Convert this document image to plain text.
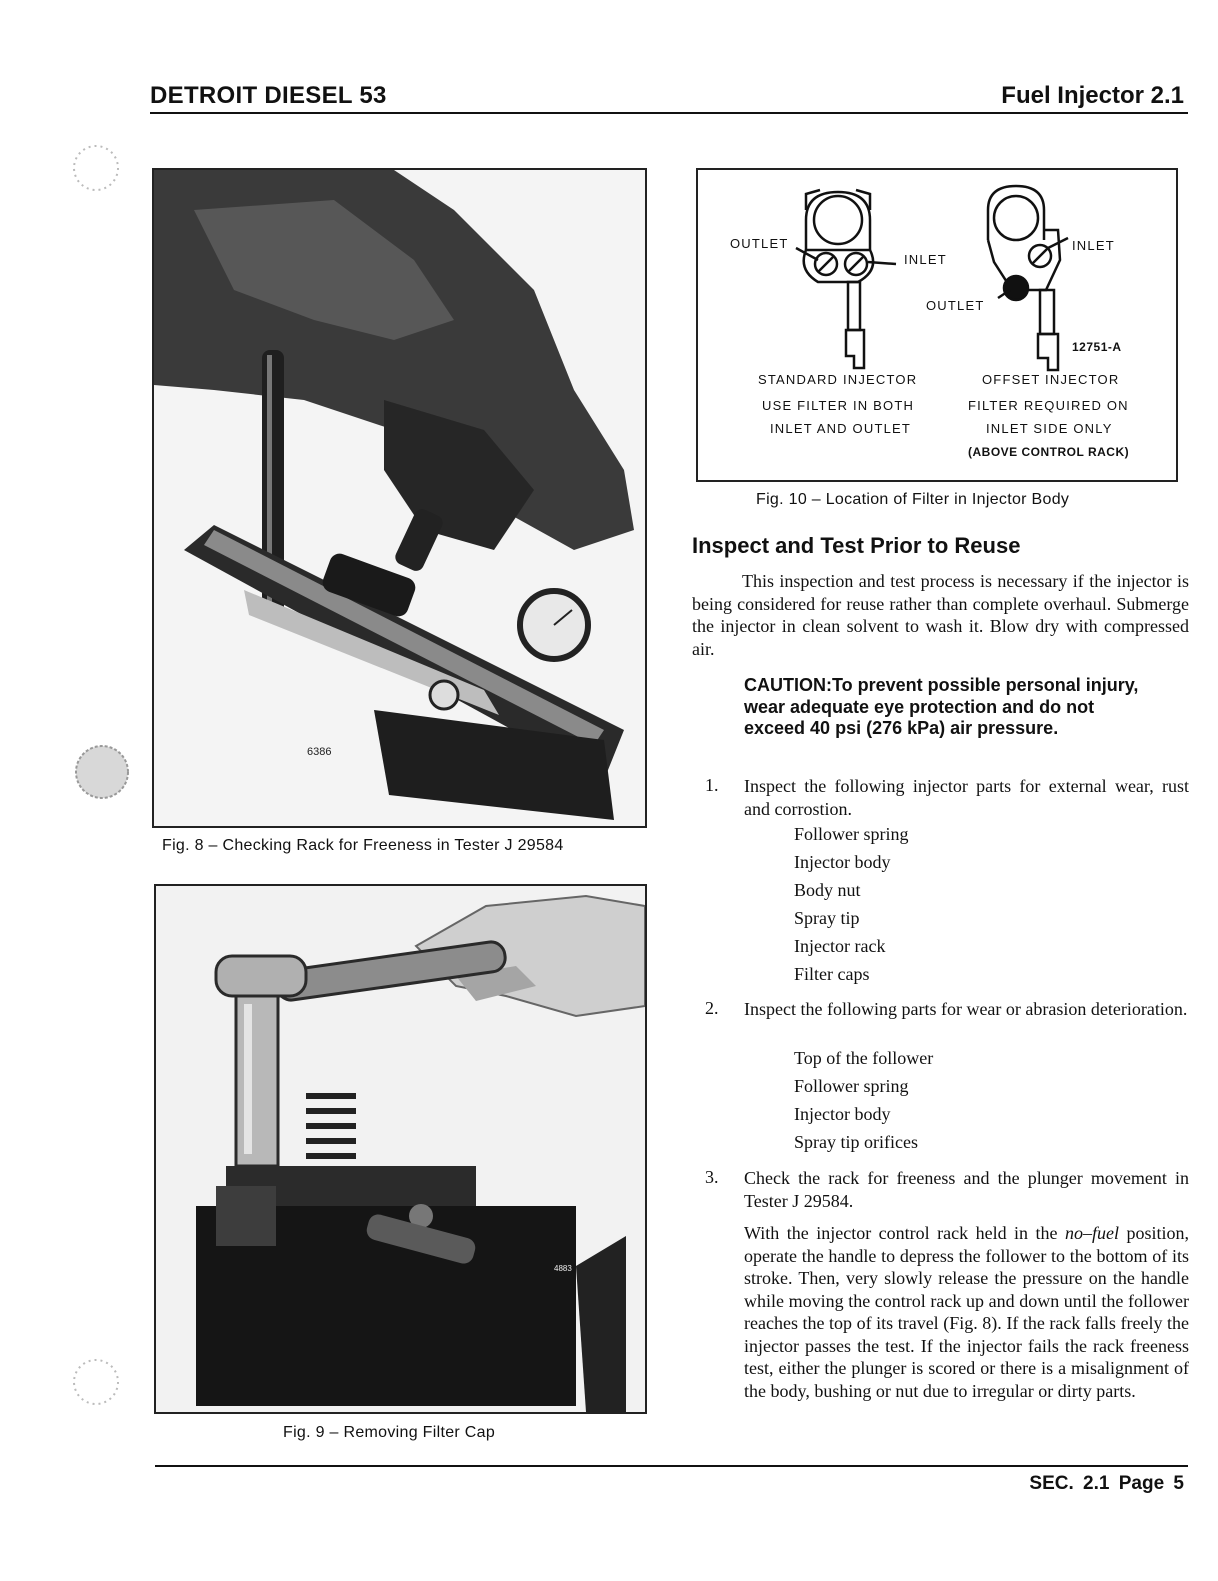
DETROIT DIESEL 53	Fuel Injector 2.1
6386
Fig. 8 – Checking Rack for Freeness in Tester J 29584
4883
Fig. 9 – Removing Filter Cap
OUTLET
INLET
INLET
OUTLET
12751-A
STANDARD INJECTOR
USE FILTER IN BOTH
INLET AND OUTLET
OFFSET INJECTOR
FILTER REQUIRED ON
INLET SIDE ONLY
(ABOVE CONTROL RACK)
Fig. 10 – Location of Filter in Injector Body
Inspect and Test Prior to Reuse
This inspection and test process is necessary if the injector is being considered for reuse rather than complete overhaul. Submerge the injector in clean solvent to wash it. Blow dry with compressed air.
CAUTION:To prevent possible personal injury, wear adequate eye protection and do not exceed 40 psi (276 kPa) air pressure.
1. Inspect the following injector parts for external wear, rust and corrostion.
Follower spring
Injector body
Body nut
Spray tip
Injector rack
Filter caps
2. Inspect the following parts for wear or abrasion deterioration.
Top of the follower
Follower spring
Injector body
Spray tip orifices
3. Check the rack for freeness and the plunger movement in Tester J 29584.
With the injector control rack held in the no–fuel position, operate the handle to depress the follower to the bottom of its stroke. Then, very slowly release the pressure on the handle while moving the control rack up and down until the follower reaches the top of its travel (Fig. 8). If the rack falls freely the injector passes the test. If the injector fails the rack freeness test, either the plunger is scored or there is a misalignment of the body, bushing or nut due to irregular or dirty parts.
SEC. 2.1 Page 5
